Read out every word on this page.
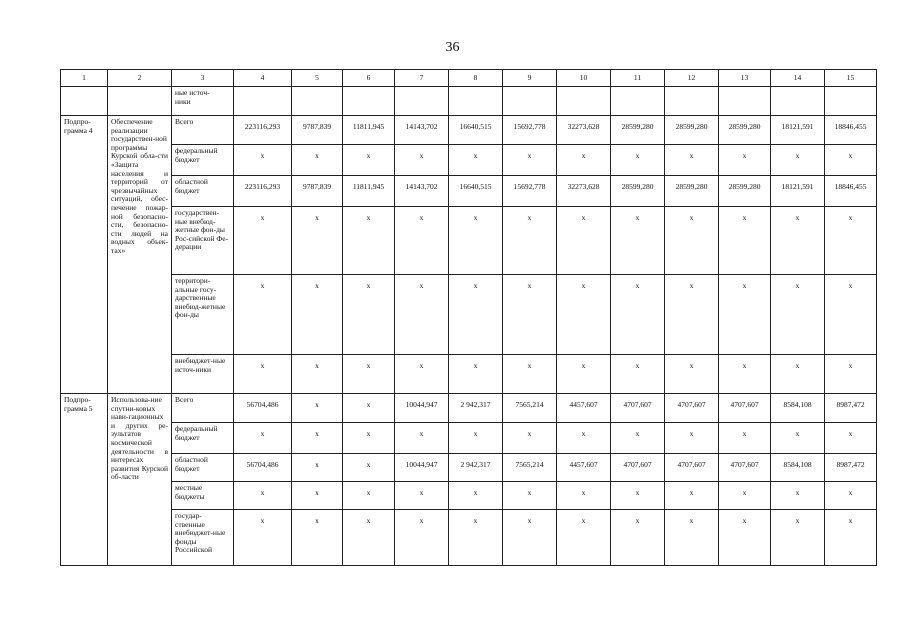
36
1	2	3	4	5	6	7	8	9	10	11	12	13	14	15
		ные источ-
ники												
Подпро-
грамма 4	Обеспечение реализации государствен-ной программы Курской обла-сти «Защита населения и территорий от чрезвычайных ситуаций, обес-печение пожар-ной безопасно-сти, безопасно-сти людей на водных объек-тах»	Всего	223116,293	9787,839	11811,945	14143,702	16640,515	15692,778	32273,628	28599,280	28599,280	28599,280	18121,591	18846,455
		федеральный бюджет	х	х	х	х	х	х	х	х	х	х	х	х
		областной бюджет	223116,293	9787,839	11811,945	14143,702	16640,515	15692,778	32273,628	28599,280	28599,280	28599,280	18121,591	18846,455
		государствен-ные внебюд-жетные фон-ды Рос-сийской Фе-дерации	х	х	х	х	х	х	х	х	х	х	х	х
		территори-альные госу-дарственные внебюд-жетные фон-ды	х	х	х	х	х	х	х	х	х	х	х	х
		внебюджет-ные источ-ники	х	х	х	х	х	х	х	х	х	х	х	х
Подпро-
грамма 5	Использова-ние спутни-ковых нави-гационных и других ре-зультатов космической деятельности в интересах развития Курской об-ласти	Всего	56704,486	х	х	10044,947	2 942,317	7565,214	4457,607	4707,607	4707,607	4707,607	8584,108	8987,472
		федеральный бюджет	х	х	х	х	х	х	х	х	х	х	х	х
		областной бюджет	56704,486	х	х	10044,947	2 942,317	7565,214	4457,607	4707,607	4707,607	4707,607	8584,108	8987,472
		местные бюджеты	х	х	х	х	х	х	х	х	х	х	х	х
		государ-ственные внебюджет-ные фонды Российской	х	х	х	х	х	х	х	х	х	х	х	х
